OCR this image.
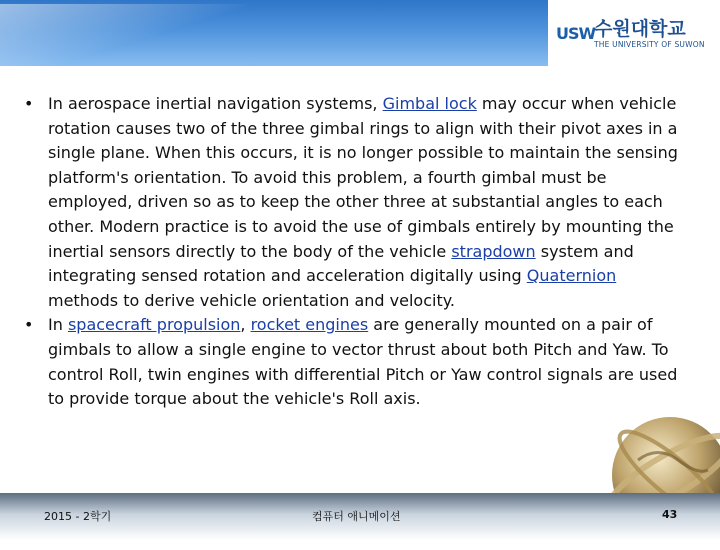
USW
수원대학교
THE UNIVERSITY OF SUWON
• In aerospace inertial navigation systems, Gimbal lock may occur when vehicle rotation causes two of the three gimbal rings to align with their pivot axes in a single plane. When this occurs, it is no longer possible to maintain the sensing platform's orientation. To avoid this problem, a fourth gimbal must be employed, driven so as to keep the other three at substantial angles to each other. Modern practice is to avoid the use of gimbals entirely by mounting the inertial sensors directly to the body of the vehicle strapdown system and integrating sensed rotation and acceleration digitally using Quaternion methods to derive vehicle orientation and velocity.
• In spacecraft propulsion, rocket engines are generally mounted on a pair of gimbals to allow a single engine to vector thrust about both Pitch and Yaw. To control Roll, twin engines with differential Pitch or Yaw control signals are used to provide torque about the vehicle's Roll axis.
2015 - 2학기	컴퓨터 애니메이션	43
